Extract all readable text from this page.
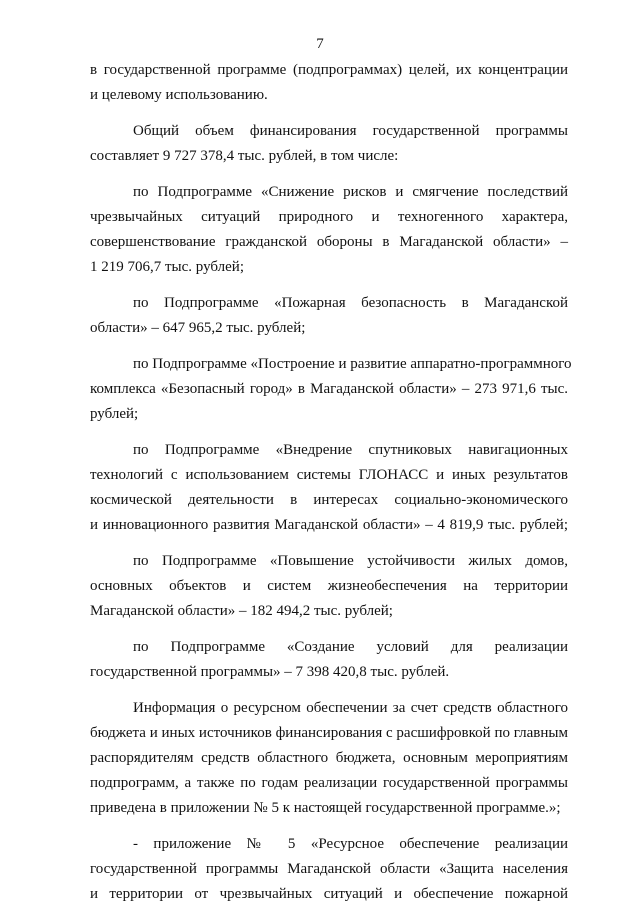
7
в государственной программе (подпрограммах) целей, их концентрации
и целевому использованию.
Общий объем финансирования государственной программы
составляет 9 727 378,4 тыс. рублей, в том числе:
по Подпрограмме «Снижение рисков и смягчение последствий
чрезвычайных ситуаций природного и техногенного характера,
совершенствование гражданской обороны в Магаданской области» –
1 219 706,7 тыс. рублей;
по Подпрограмме «Пожарная безопасность в Магаданской
области» – 647 965,2 тыс. рублей;
по Подпрограмме «Построение и развитие аппаратно-программного
комплекса «Безопасный город» в Магаданской области» – 273 971,6 тыс.
рублей;
по Подпрограмме «Внедрение спутниковых навигационных
технологий с использованием системы ГЛОНАСС и иных результатов
космической деятельности в интересах социально-экономического
и инновационного развития Магаданской области» – 4 819,9 тыс. рублей;
по Подпрограмме «Повышение устойчивости жилых домов,
основных объектов и систем жизнеобеспечения на территории
Магаданской области» – 182 494,2 тыс. рублей;
по Подпрограмме «Создание условий для реализации
государственной программы» – 7 398 420,8 тыс. рублей.
Информация о ресурсном обеспечении за счет средств областного
бюджета и иных источников финансирования с расшифровкой по главным
распорядителям средств областного бюджета, основным мероприятиям
подпрограмм, а также по годам реализации государственной программы
приведена в приложении № 5 к настоящей государственной программе.»;
- приложение № 5 «Ресурсное обеспечение реализации
государственной программы Магаданской области «Защита населения
и территории от чрезвычайных ситуаций и обеспечение пожарной
